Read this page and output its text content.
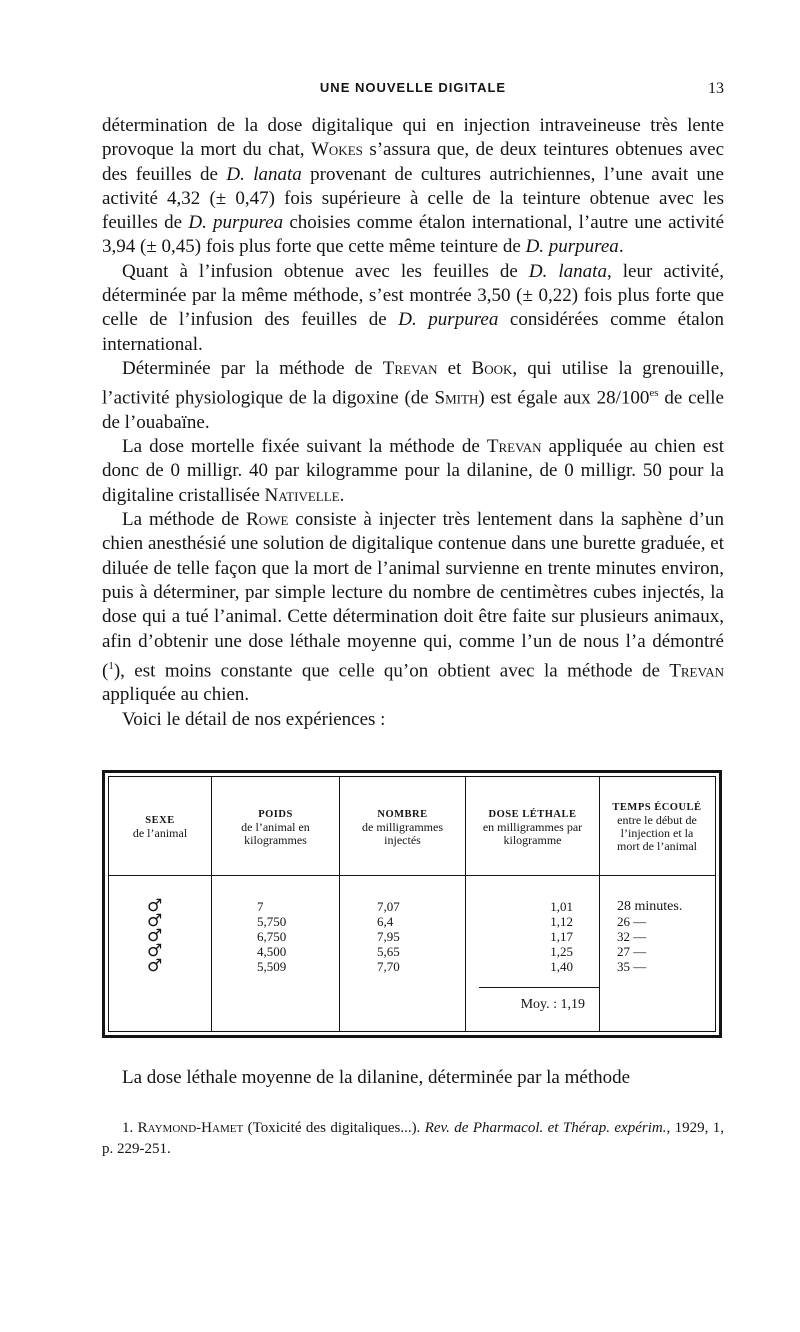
UNE NOUVELLE DIGITALE	13

détermination de la dose digitalique qui en injection intraveineuse très lente provoque la mort du chat, Wokes s’assura que, de deux teintures obtenues avec des feuilles de D. lanata provenant de cultures autrichiennes, l’une avait une activité 4,32 (± 0,47) fois supérieure à celle de la teinture obtenue avec les feuilles de D. purpurea choisies comme étalon international, l’autre une activité 3,94 (± 0,45) fois plus forte que cette même teinture de D. purpurea.

Quant à l’infusion obtenue avec les feuilles de D. lanata, leur activité, déterminée par la même méthode, s’est montrée 3,50 (± 0,22) fois plus forte que celle de l’infusion des feuilles de D. purpurea considérées comme étalon international.

Déterminée par la méthode de Trevan et Book, qui utilise la grenouille, l’activité physiologique de la digoxine (de Smith) est égale aux $28/100^{es}$ de celle de l’ouabaïne.

La dose mortelle fixée suivant la méthode de Trevan appliquée au chien est donc de 0 milligr. 40 par kilogramme pour la dilanine, de 0 milligr. 50 pour la digitaline cristallisée Nativelle.

La méthode de Rowe consiste à injecter très lentement dans la saphène d’un chien anesthésié une solution de digitalique contenue dans une burette graduée, et diluée de telle façon que la mort de l’animal survienne en trente minutes environ, puis à déterminer, par simple lecture du nombre de centimètres cubes injectés, la dose qui a tué l’animal. Cette détermination doit être faite sur plusieurs animaux, afin d’obtenir une dose léthale moyenne qui, comme l’un de nous l’a démontré ($^1$), est moins constante que celle qu’on obtient avec la méthode de Trevan appliquée au chien.

Voici le détail de nos expériences :

SEXE
de l’animal
POIDS
de l’animal en kilogrammes
NOMBRE
de milligrammes injectés
DOSE LÉTHALE
en milligrammes par kilogramme
TEMPS ÉCOULÉ
entre le début de l’injection et la mort de l’animal
♂
♂
♂
♂
♂
7
5,750
6,750
4,500
5,509
7,07
6,4
7,95
5,65
7,70
1,01
1,12
1,17
1,25
1,40
28 minutes.
26 —
32 —
27 —
35 —
Moy. : 1,19
La dose léthale moyenne de la dilanine, déterminée par la méthode
1. Raymond-Hamet (Toxicité des digitaliques...). Rev. de Pharmacol. et Thérap. expérim., 1929, 1, p. 229-251.
